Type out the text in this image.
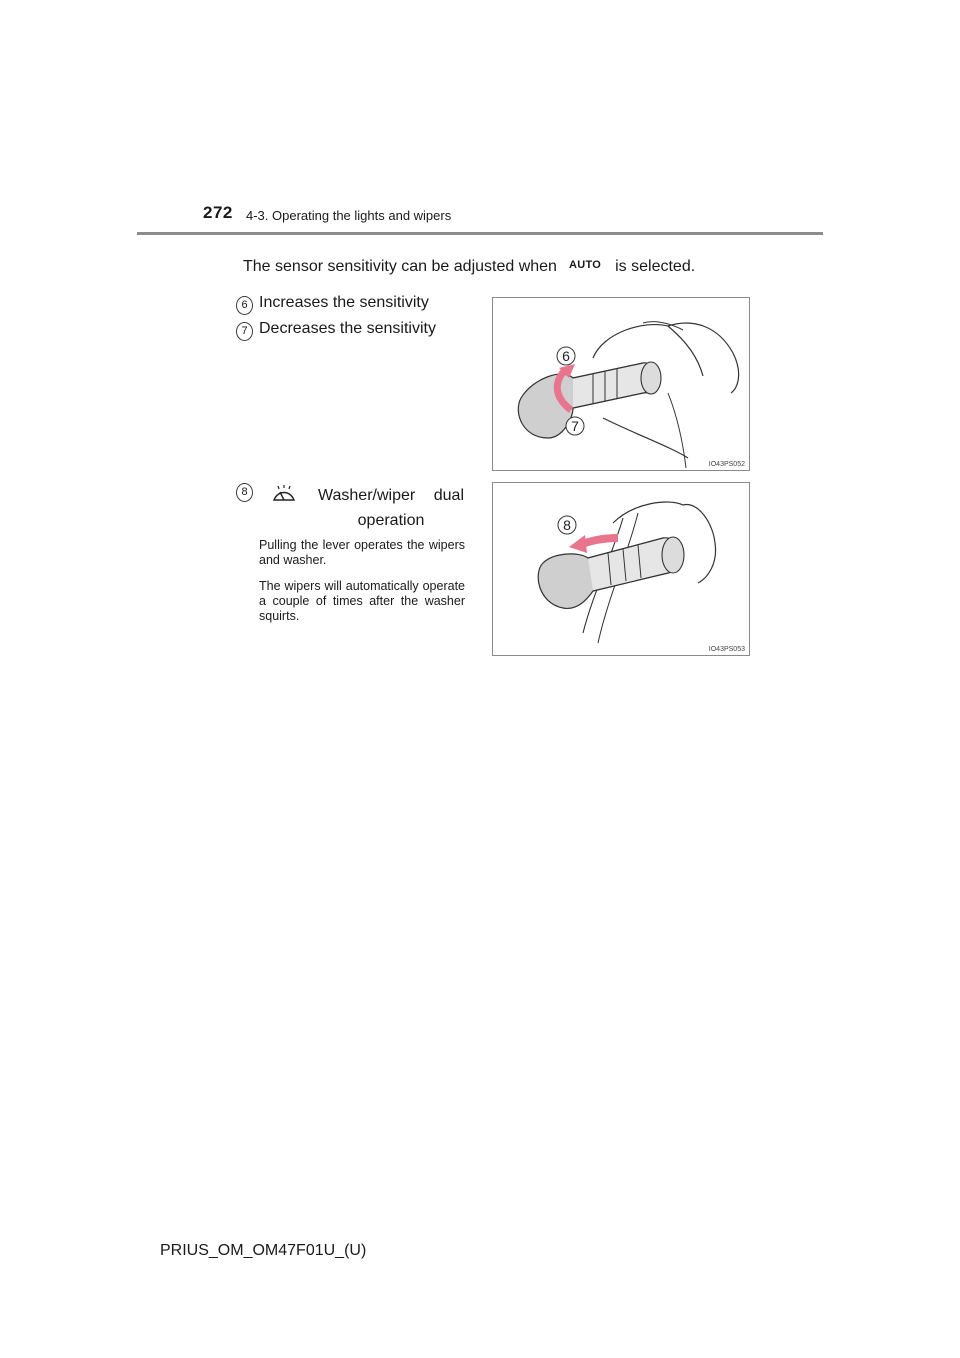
272 4-3. Operating the lights and wipers
The sensor sensitivity can be adjusted when AUTO is selected.
6 Increases the sensitivity
7 Decreases the sensitivity
6
7
IO43PS052
8	Washer/wiper dual
operation
Pulling the lever operates the wipers and washer.
The wipers will automatically operate a couple of times after the washer squirts.
8
IO43PS053
PRIUS_OM_OM47F01U_(U)
